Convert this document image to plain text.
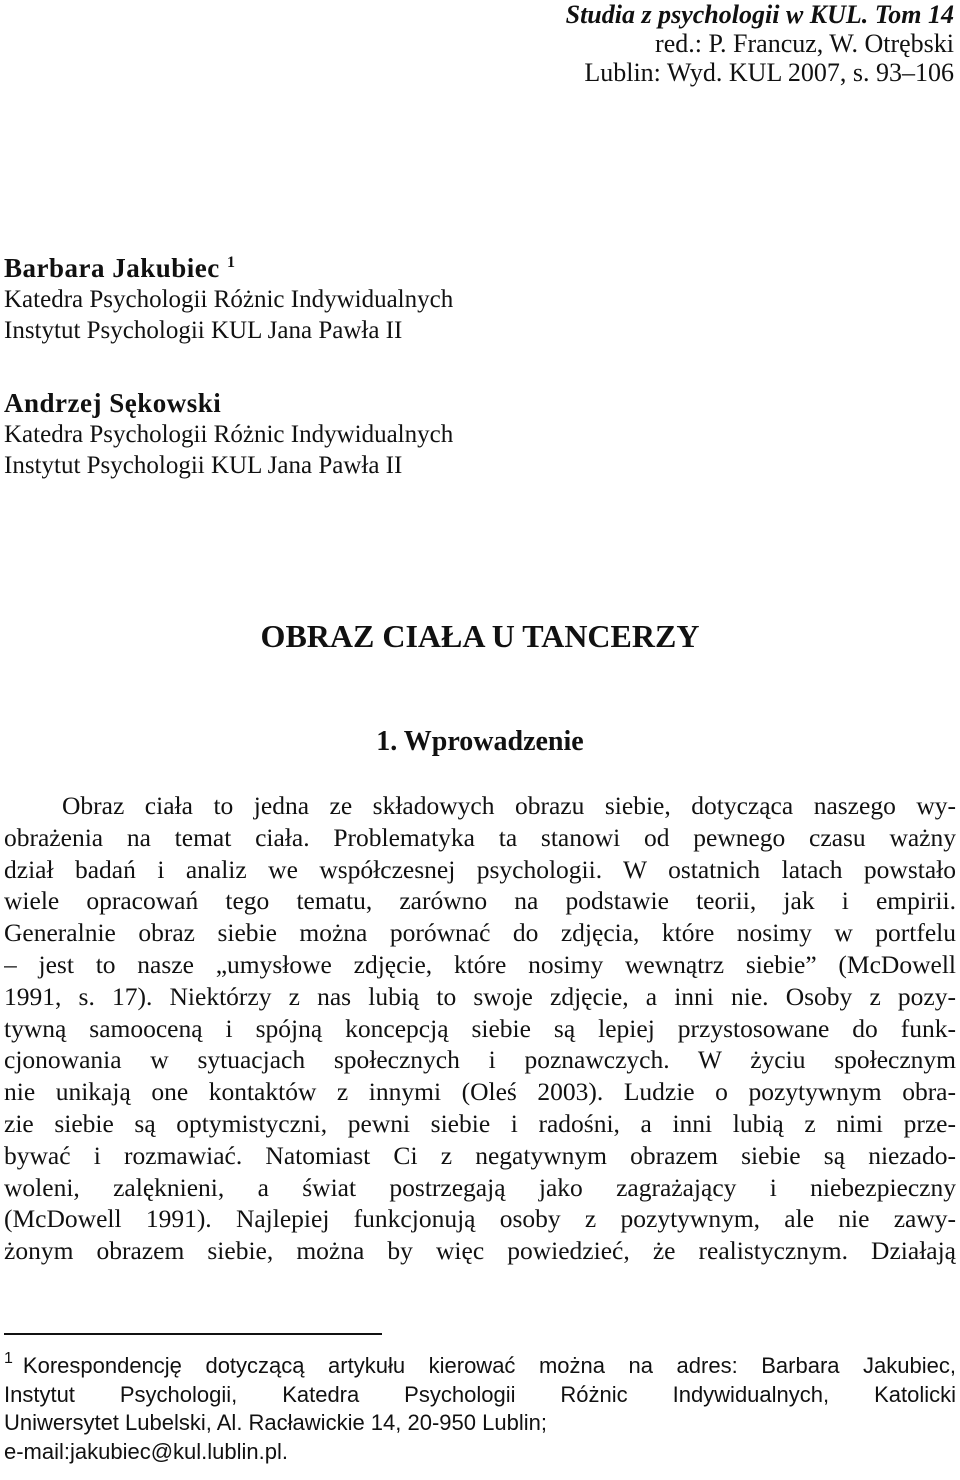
Studia z psychologii w KUL. Tom 14
red.: P. Francuz, W. Otrębski
Lublin: Wyd. KUL 2007, s. 93–106
Barbara Jakubiec $^1$
Katedra Psychologii Różnic Indywidualnych
Instytut Psychologii KUL Jana Pawła II
Andrzej Sękowski
Katedra Psychologii Różnic Indywidualnych
Instytut Psychologii KUL Jana Pawła II
OBRAZ CIAŁA U TANCERZY
1. Wprowadzenie
Obraz ciała to jedna ze składowych obrazu siebie, dotycząca naszego wy-
obrażenia na temat ciała. Problematyka ta stanowi od pewnego czasu ważny
dział badań i analiz we współczesnej psychologii. W ostatnich latach powstało
wiele opracowań tego tematu, zarówno na podstawie teorii, jak i empirii.
Generalnie obraz siebie można porównać do zdjęcia, które nosimy w portfelu
– jest to nasze „umysłowe zdjęcie, które nosimy wewnątrz siebie” (McDowell
1991, s. 17). Niektórzy z nas lubią to swoje zdjęcie, a inni nie. Osoby z pozy-
tywną samooceną i spójną koncepcją siebie są lepiej przystosowane do funk-
cjonowania w sytuacjach społecznych i poznawczych. W życiu społecznym
nie unikają one kontaktów z innymi (Oleś 2003). Ludzie o pozytywnym obra-
zie siebie są optymistyczni, pewni siebie i radośni, a inni lubią z nimi prze-
bywać i rozmawiać. Natomiast Ci z negatywnym obrazem siebie są niezado-
woleni, zalęknieni, a świat postrzegają jako zagrażający i niebezpieczny
(McDowell 1991). Najlepiej funkcjonują osoby z pozytywnym, ale nie zawy-
żonym obrazem siebie, można by więc powiedzieć, że realistycznym. Działają
$^1$ Korespondencję dotyczącą artykułu kierować można na adres: Barbara Jakubiec,
Instytut Psychologii, Katedra Psychologii Różnic Indywidualnych, Katolicki
Uniwersytet Lubelski, Al. Racławickie 14, 20-950 Lublin;
e-mail:jakubiec@kul.lublin.pl.
